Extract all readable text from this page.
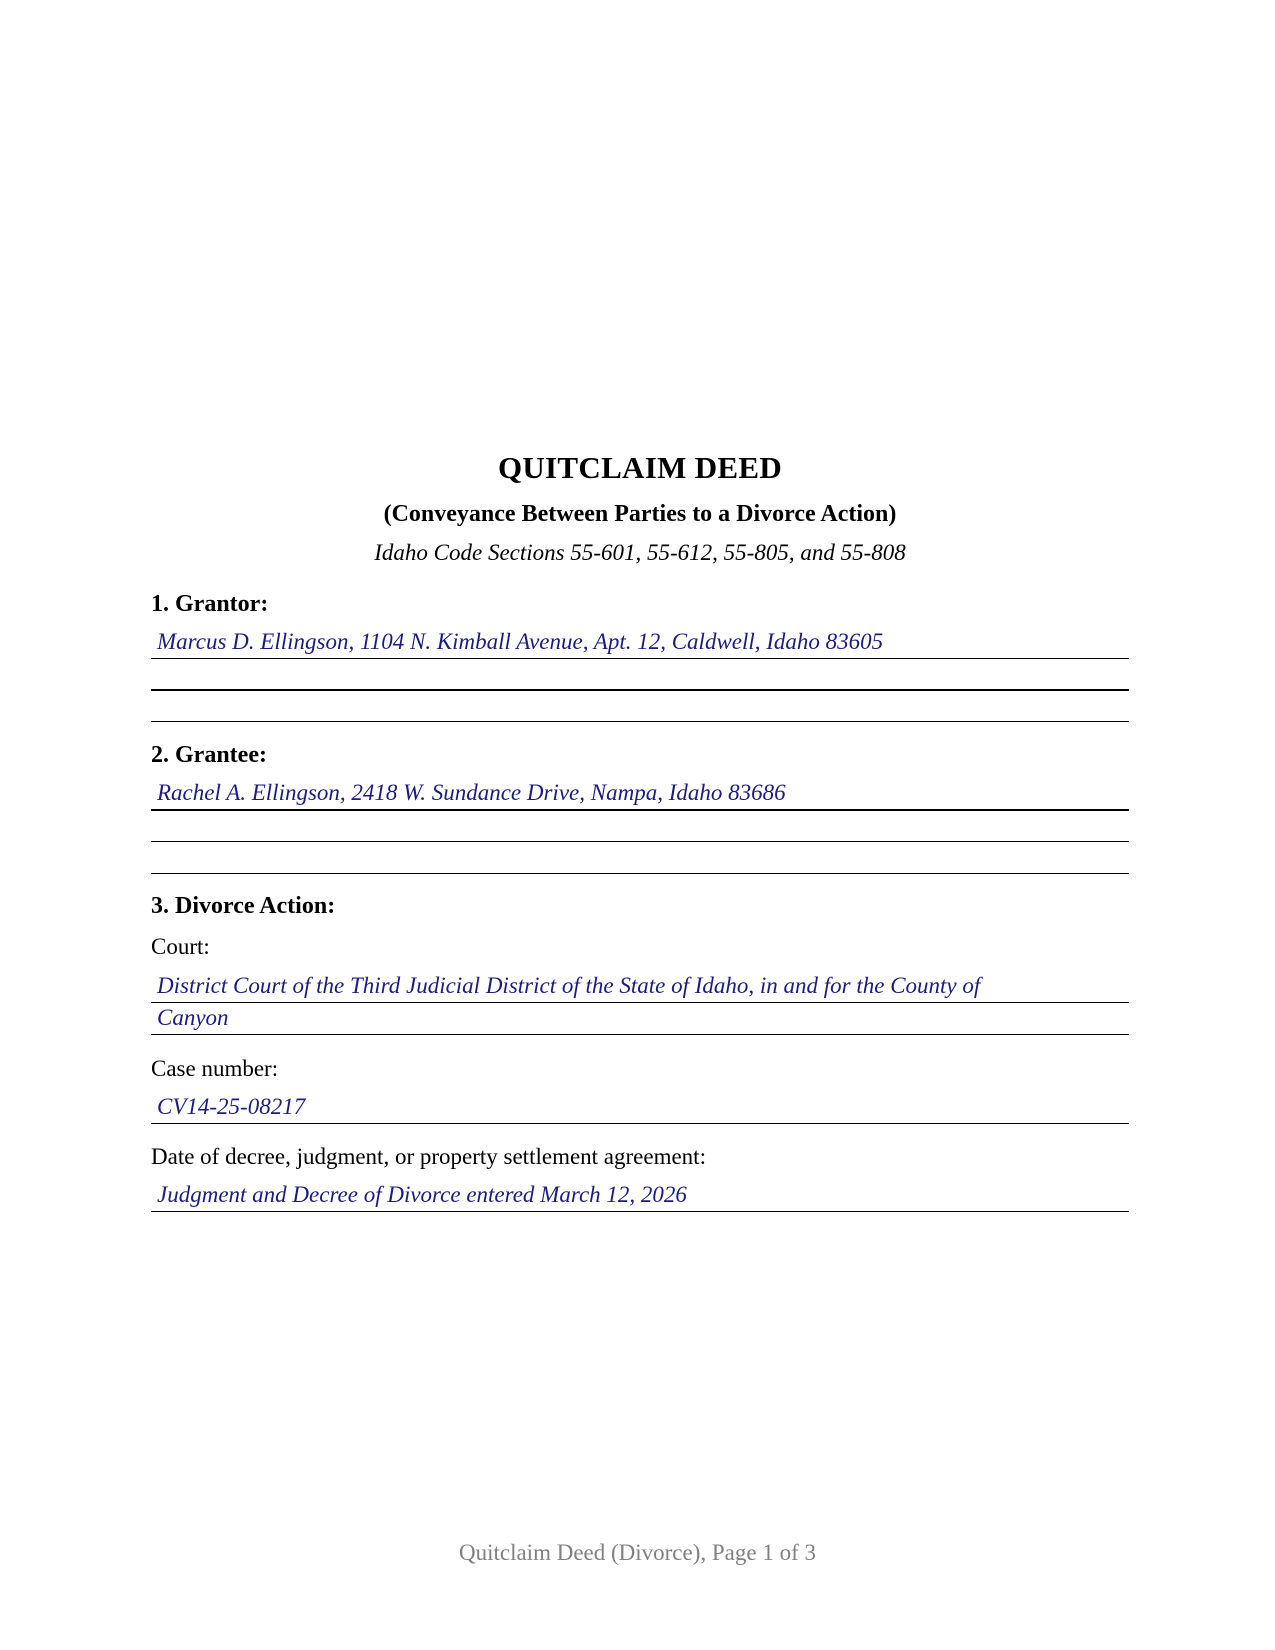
QUITCLAIM DEED
(Conveyance Between Parties to a Divorce Action)
Idaho Code Sections 55-601, 55-612, 55-805, and 55-808
1. Grantor:
Marcus D. Ellingson, 1104 N. Kimball Avenue, Apt. 12, Caldwell, Idaho 83605
2. Grantee:
Rachel A. Ellingson, 2418 W. Sundance Drive, Nampa, Idaho 83686
3. Divorce Action:
Court:
District Court of the Third Judicial District of the State of Idaho, in and for the County of
Canyon
Case number:
CV14-25-08217
Date of decree, judgment, or property settlement agreement:
Judgment and Decree of Divorce entered March 12, 2026
Quitclaim Deed (Divorce), Page 1 of 3
